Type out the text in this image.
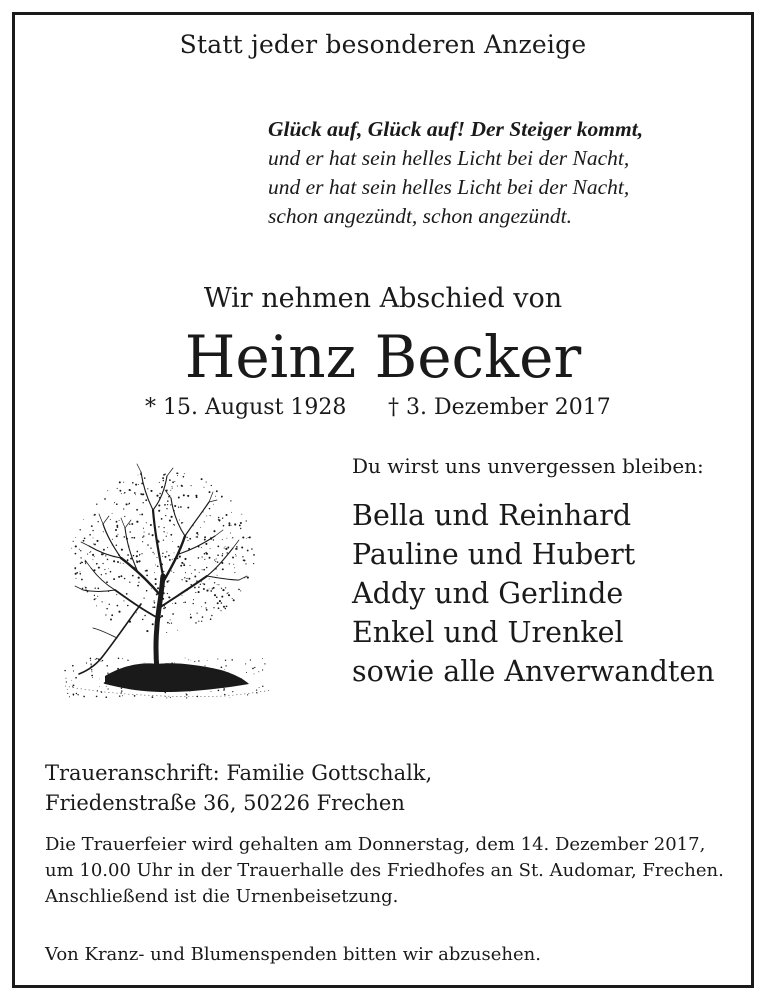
Statt jeder besonderen Anzeige
Glück auf, Glück auf! Der Steiger kommt,
und er hat sein helles Licht bei der Nacht,
und er hat sein helles Licht bei der Nacht,
schon angezündt, schon angezündt.
Wir nehmen Abschied von
Heinz Becker
* 15. August 1928 † 3. Dezember 2017
Du wirst uns unvergessen bleiben:
Bella und Reinhard
Pauline und Hubert
Addy und Gerlinde
Enkel und Urenkel
sowie alle Anverwandten
Traueranschrift: Familie Gottschalk,
Friedenstraße 36, 50226 Frechen
Die Trauerfeier wird gehalten am Donnerstag, dem 14. Dezember 2017,
um 10.00 Uhr in der Trauerhalle des Friedhofes an St. Audomar, Frechen.
Anschließend ist die Urnenbeisetzung.
Von Kranz- und Blumenspenden bitten wir abzusehen.
